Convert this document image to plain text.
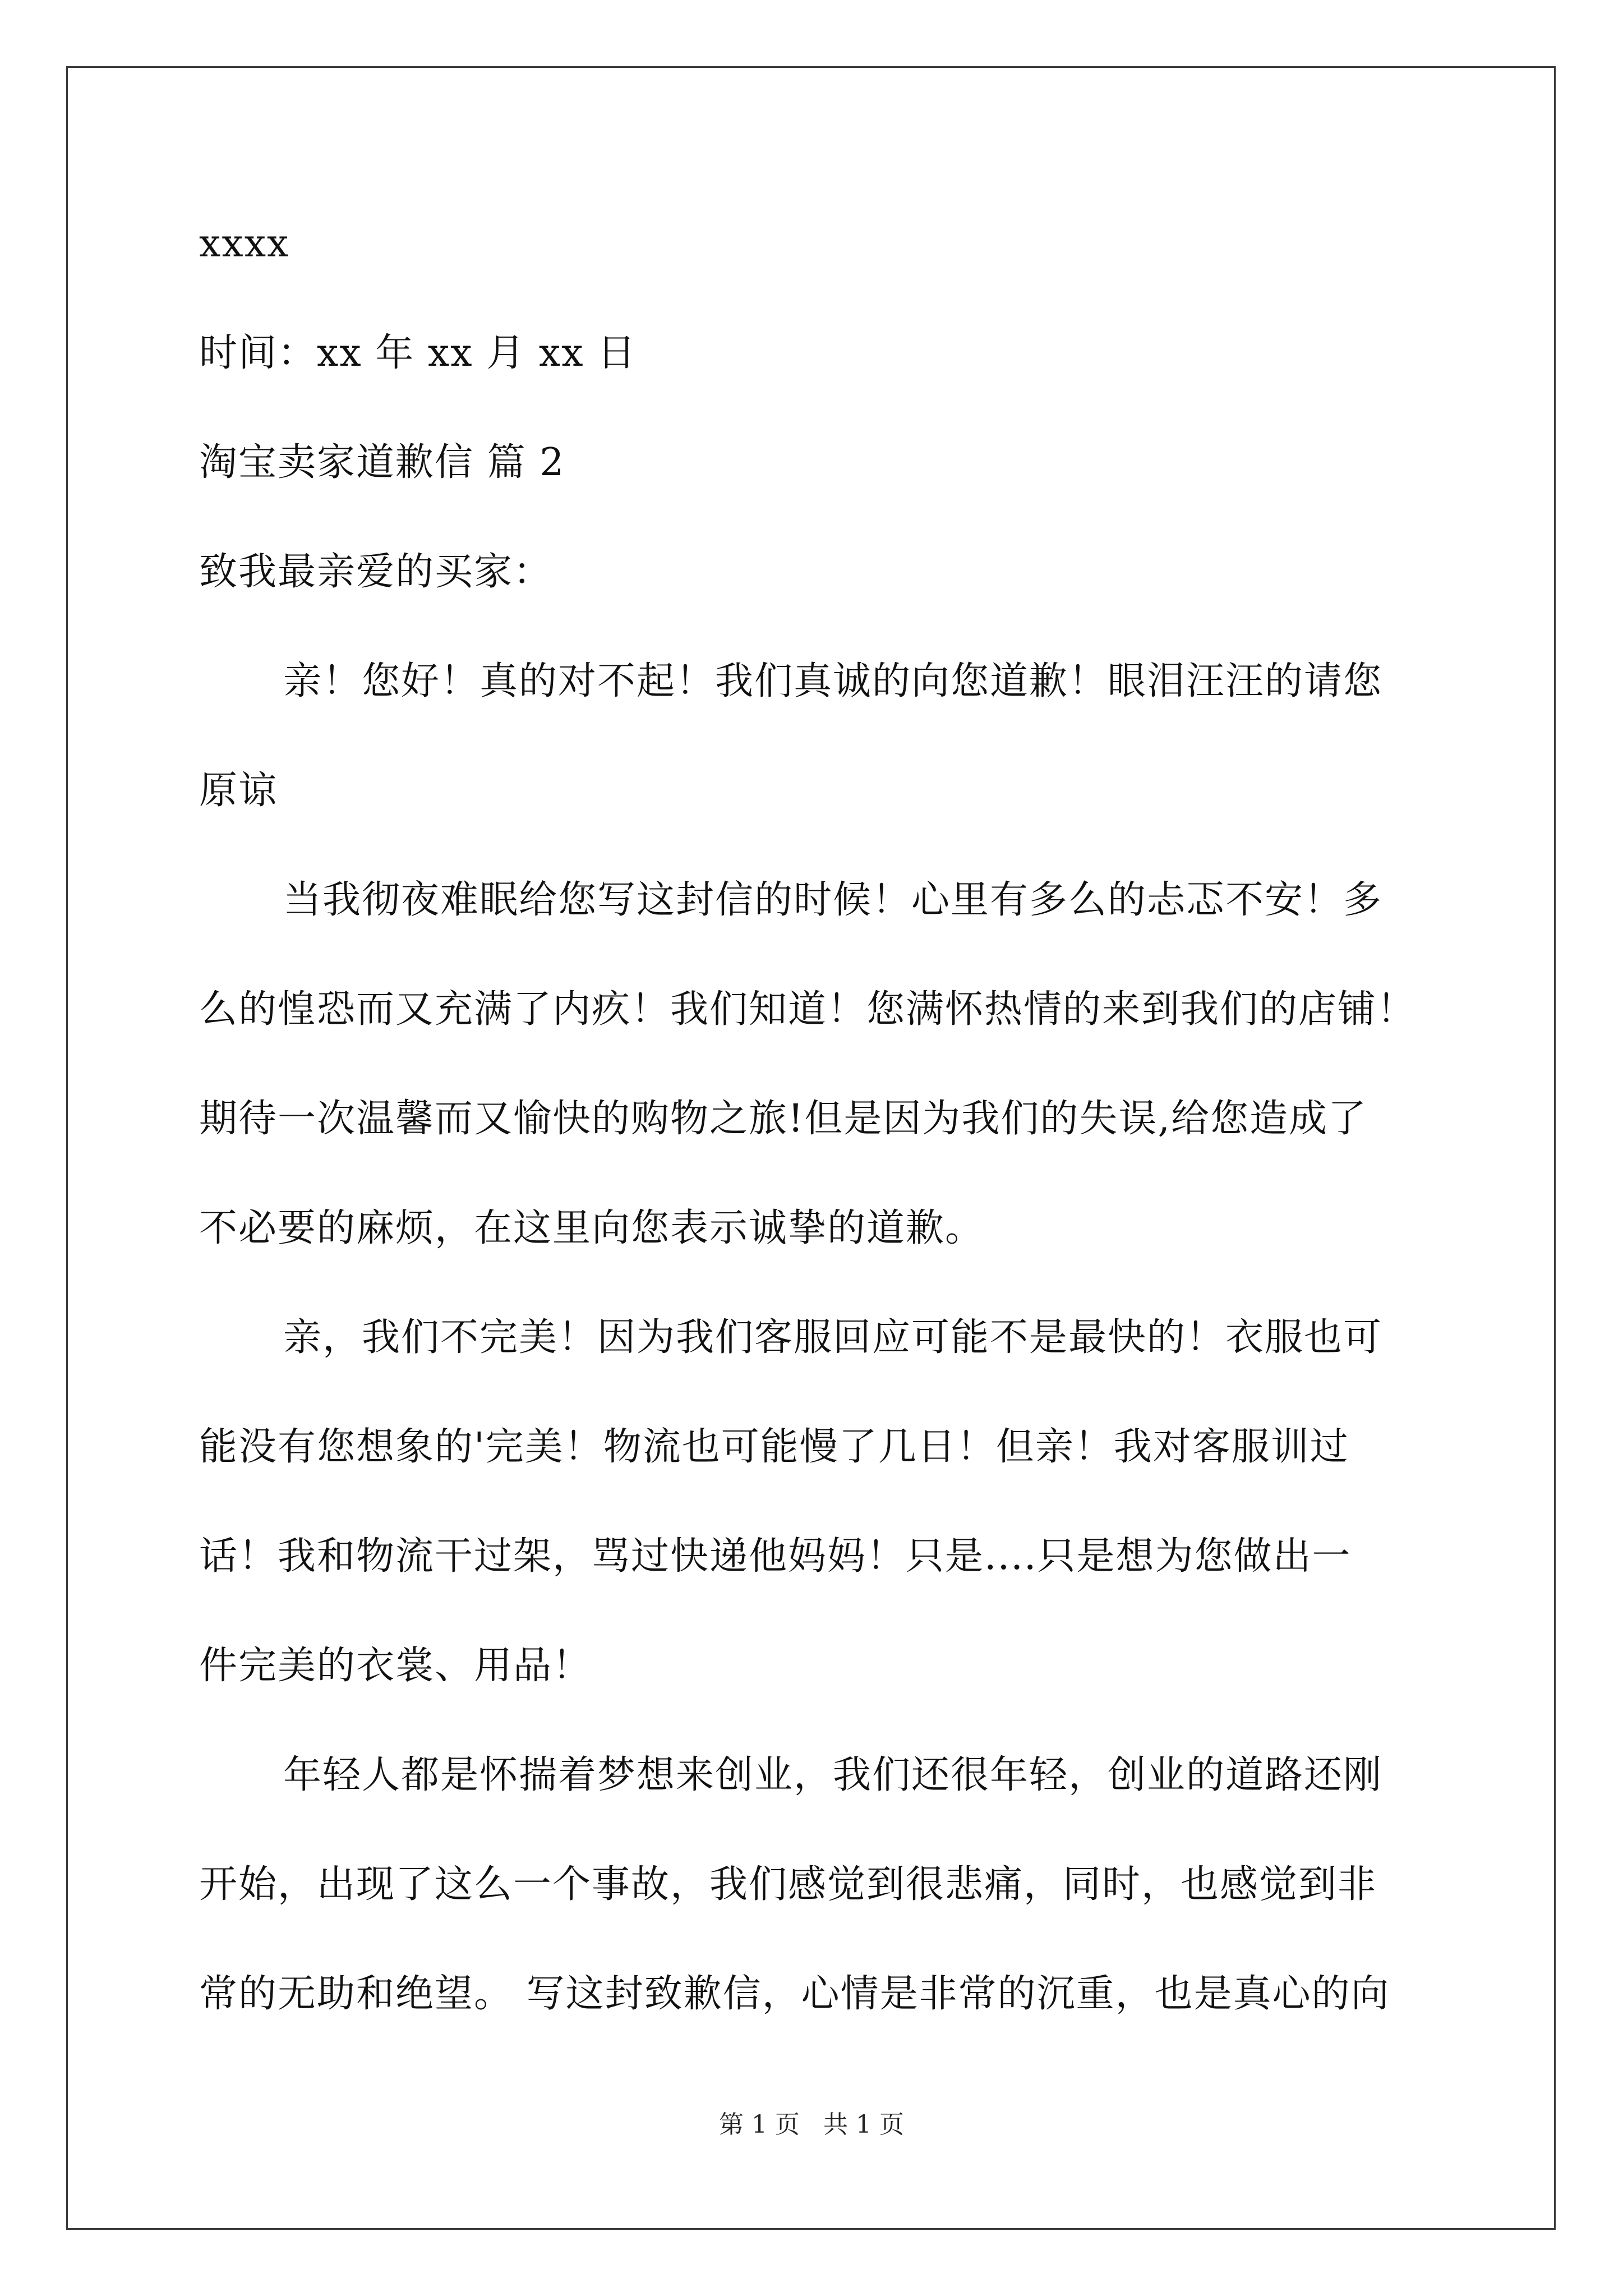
xxxx
时间：xx 年 xx 月 xx 日
淘宝卖家道歉信 篇 2
致我最亲爱的买家：
亲！您好！真的对不起！我们真诚的向您道歉！眼泪汪汪的请您
原谅
当我彻夜难眠给您写这封信的时候！心里有多么的忐忑不安！多
么的惶恐而又充满了内疚！我们知道！您满怀热情的来到我们的店铺！
期待一次温馨而又愉快的购物之旅!但是因为我们的失误,给您造成了
不必要的麻烦，在这里向您表示诚挚的道歉。
亲，我们不完美！因为我们客服回应可能不是最快的！衣服也可
能没有您想象的'完美！物流也可能慢了几日！但亲！我对客服训过
话！我和物流干过架，骂过快递他妈妈！只是....只是想为您做出一
件完美的衣裳、用品！
年轻人都是怀揣着梦想来创业，我们还很年轻，创业的道路还刚
开始，出现了这么一个事故，我们感觉到很悲痛，同时，也感觉到非
常的无助和绝望。 写这封致歉信，心情是非常的沉重，也是真心的向
第 1 页   共 1 页
